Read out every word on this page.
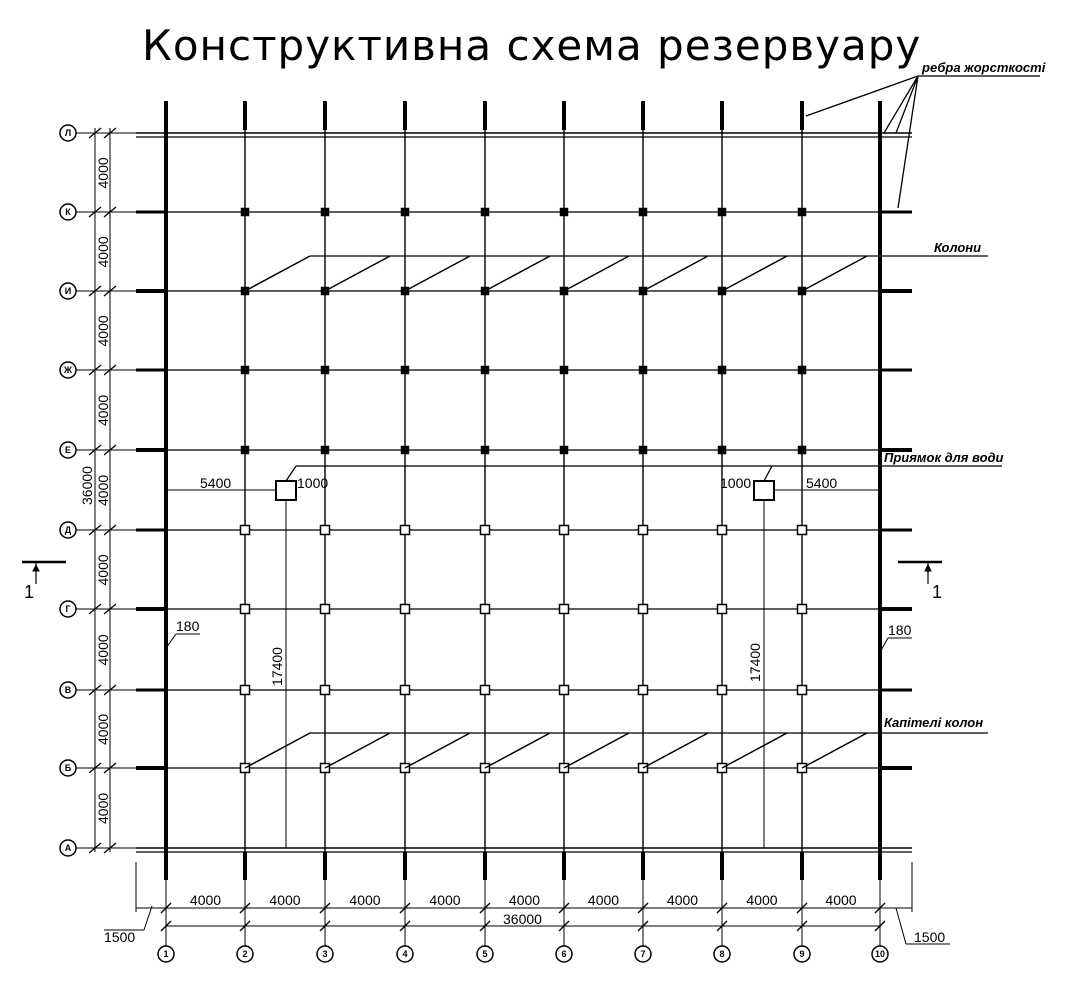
Конструктивна схема резервуару
А
Б
В
Г
Д
Е
Ж
И
К
Л
1	2	3	4	5	6	7	8	9	10
4000
4000
4000
4000
4000
4000
4000
4000
4000
4000	4000	4000	4000	4000	4000	4000	4000	4000
ребра жорсткості
Колони
Приямок для води
Капітелі колон
5400	1000	1000	5400
17400	17400
180	180
1	1
1500	1500
36000
36000
